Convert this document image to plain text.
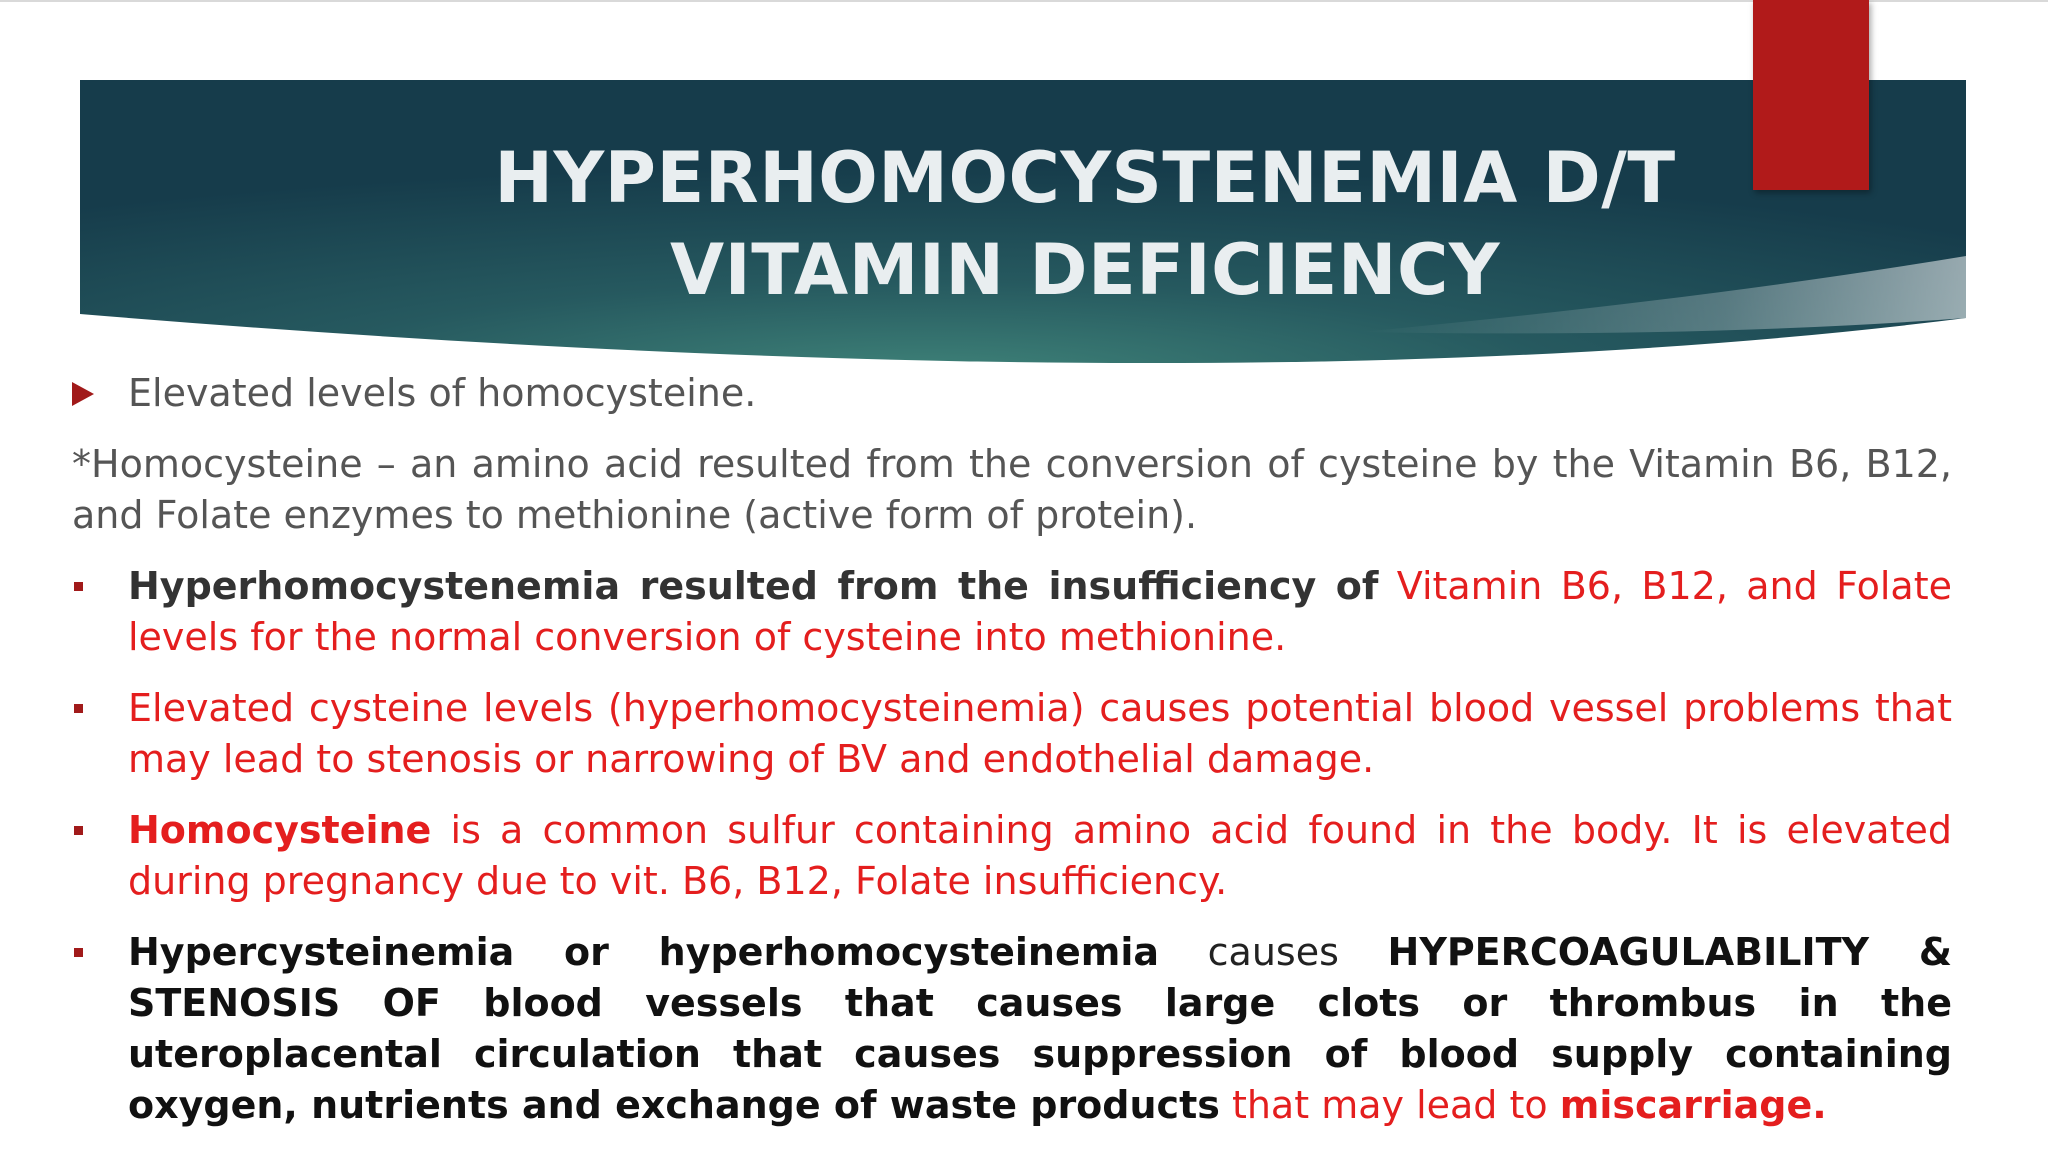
HYPERHOMOCYSTENEMIA D/T VITAMIN DEFICIENCY

Elevated levels of homocysteine.

*Homocysteine – an amino acid resulted from the conversion of cysteine by the Vitamin B6, B12, and Folate enzymes to methionine (active form of protein).

Hyperhomocystenemia resulted from the insufficiency of Vitamin B6, B12, and Folate levels for the normal conversion of cysteine into methionine.

Elevated cysteine levels (hyperhomocysteinemia) causes potential blood vessel problems that may lead to stenosis or narrowing of BV and endothelial damage.

Homocysteine is a common sulfur containing amino acid found in the body. It is elevated during pregnancy due to vit. B6, B12, Folate insufficiency.

Hypercysteinemia or hyperhomocysteinemia causes HYPERCOAGULABILITY & STENOSIS OF blood vessels that causes large clots or thrombus in the uteroplacental circulation that causes suppression of blood supply containing oxygen, nutrients and exchange of waste products that may lead to miscarriage.
